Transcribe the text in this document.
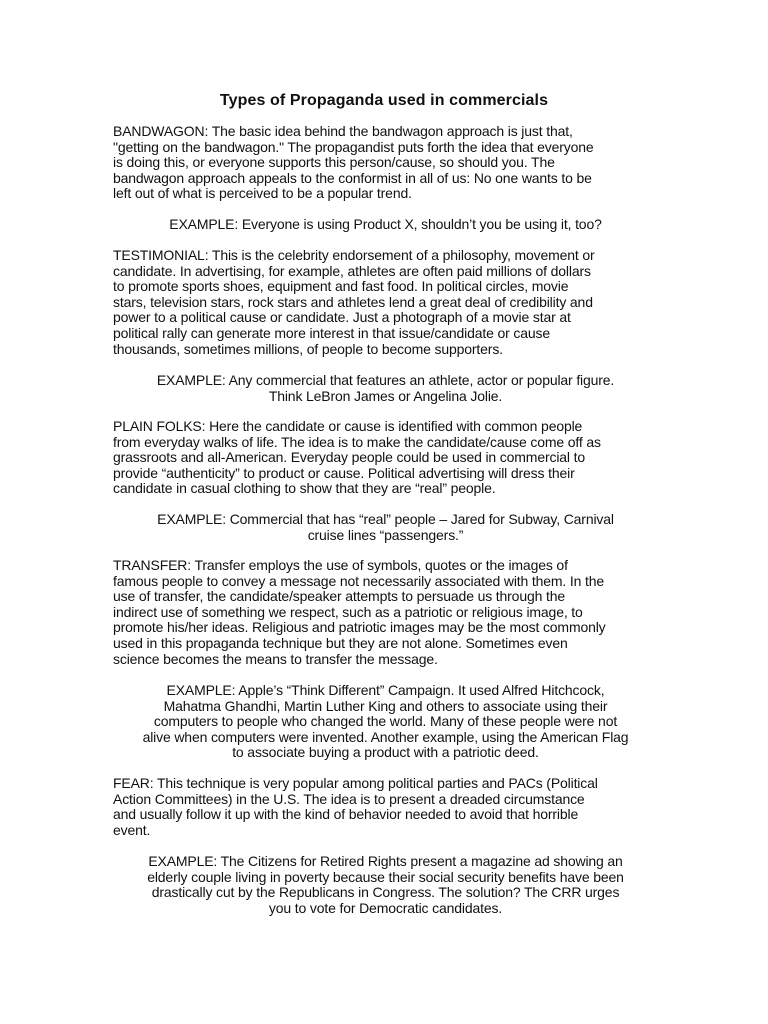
Types of Propaganda used in commercials

BANDWAGON: The basic idea behind the bandwagon approach is just that,
"getting on the bandwagon." The propagandist puts forth the idea that everyone
is doing this, or everyone supports this person/cause, so should you. The
bandwagon approach appeals to the conformist in all of us: No one wants to be
left out of what is perceived to be a popular trend.

EXAMPLE: Everyone is using Product X, shouldn’t you be using it, too?

TESTIMONIAL: This is the celebrity endorsement of a philosophy, movement or
candidate. In advertising, for example, athletes are often paid millions of dollars
to promote sports shoes, equipment and fast food. In political circles, movie
stars, television stars, rock stars and athletes lend a great deal of credibility and
power to a political cause or candidate. Just a photograph of a movie star at
political rally can generate more interest in that issue/candidate or cause
thousands, sometimes millions, of people to become supporters.

EXAMPLE: Any commercial that features an athlete, actor or popular figure.
Think LeBron James or Angelina Jolie.

PLAIN FOLKS: Here the candidate or cause is identified with common people
from everyday walks of life. The idea is to make the candidate/cause come off as
grassroots and all-American. Everyday people could be used in commercial to
provide “authenticity” to product or cause. Political advertising will dress their
candidate in casual clothing to show that they are “real” people.

EXAMPLE: Commercial that has “real” people – Jared for Subway, Carnival
cruise lines “passengers.”

TRANSFER: Transfer employs the use of symbols, quotes or the images of
famous people to convey a message not necessarily associated with them. In the
use of transfer, the candidate/speaker attempts to persuade us through the
indirect use of something we respect, such as a patriotic or religious image, to
promote his/her ideas. Religious and patriotic images may be the most commonly
used in this propaganda technique but they are not alone. Sometimes even
science becomes the means to transfer the message.

EXAMPLE: Apple’s “Think Different” Campaign. It used Alfred Hitchcock,
Mahatma Ghandhi, Martin Luther King and others to associate using their
computers to people who changed the world. Many of these people were not
alive when computers were invented. Another example, using the American Flag
to associate buying a product with a patriotic deed.

FEAR: This technique is very popular among political parties and PACs (Political
Action Committees) in the U.S. The idea is to present a dreaded circumstance
and usually follow it up with the kind of behavior needed to avoid that horrible
event.

EXAMPLE: The Citizens for Retired Rights present a magazine ad showing an
elderly couple living in poverty because their social security benefits have been
drastically cut by the Republicans in Congress. The solution? The CRR urges
you to vote for Democratic candidates.
